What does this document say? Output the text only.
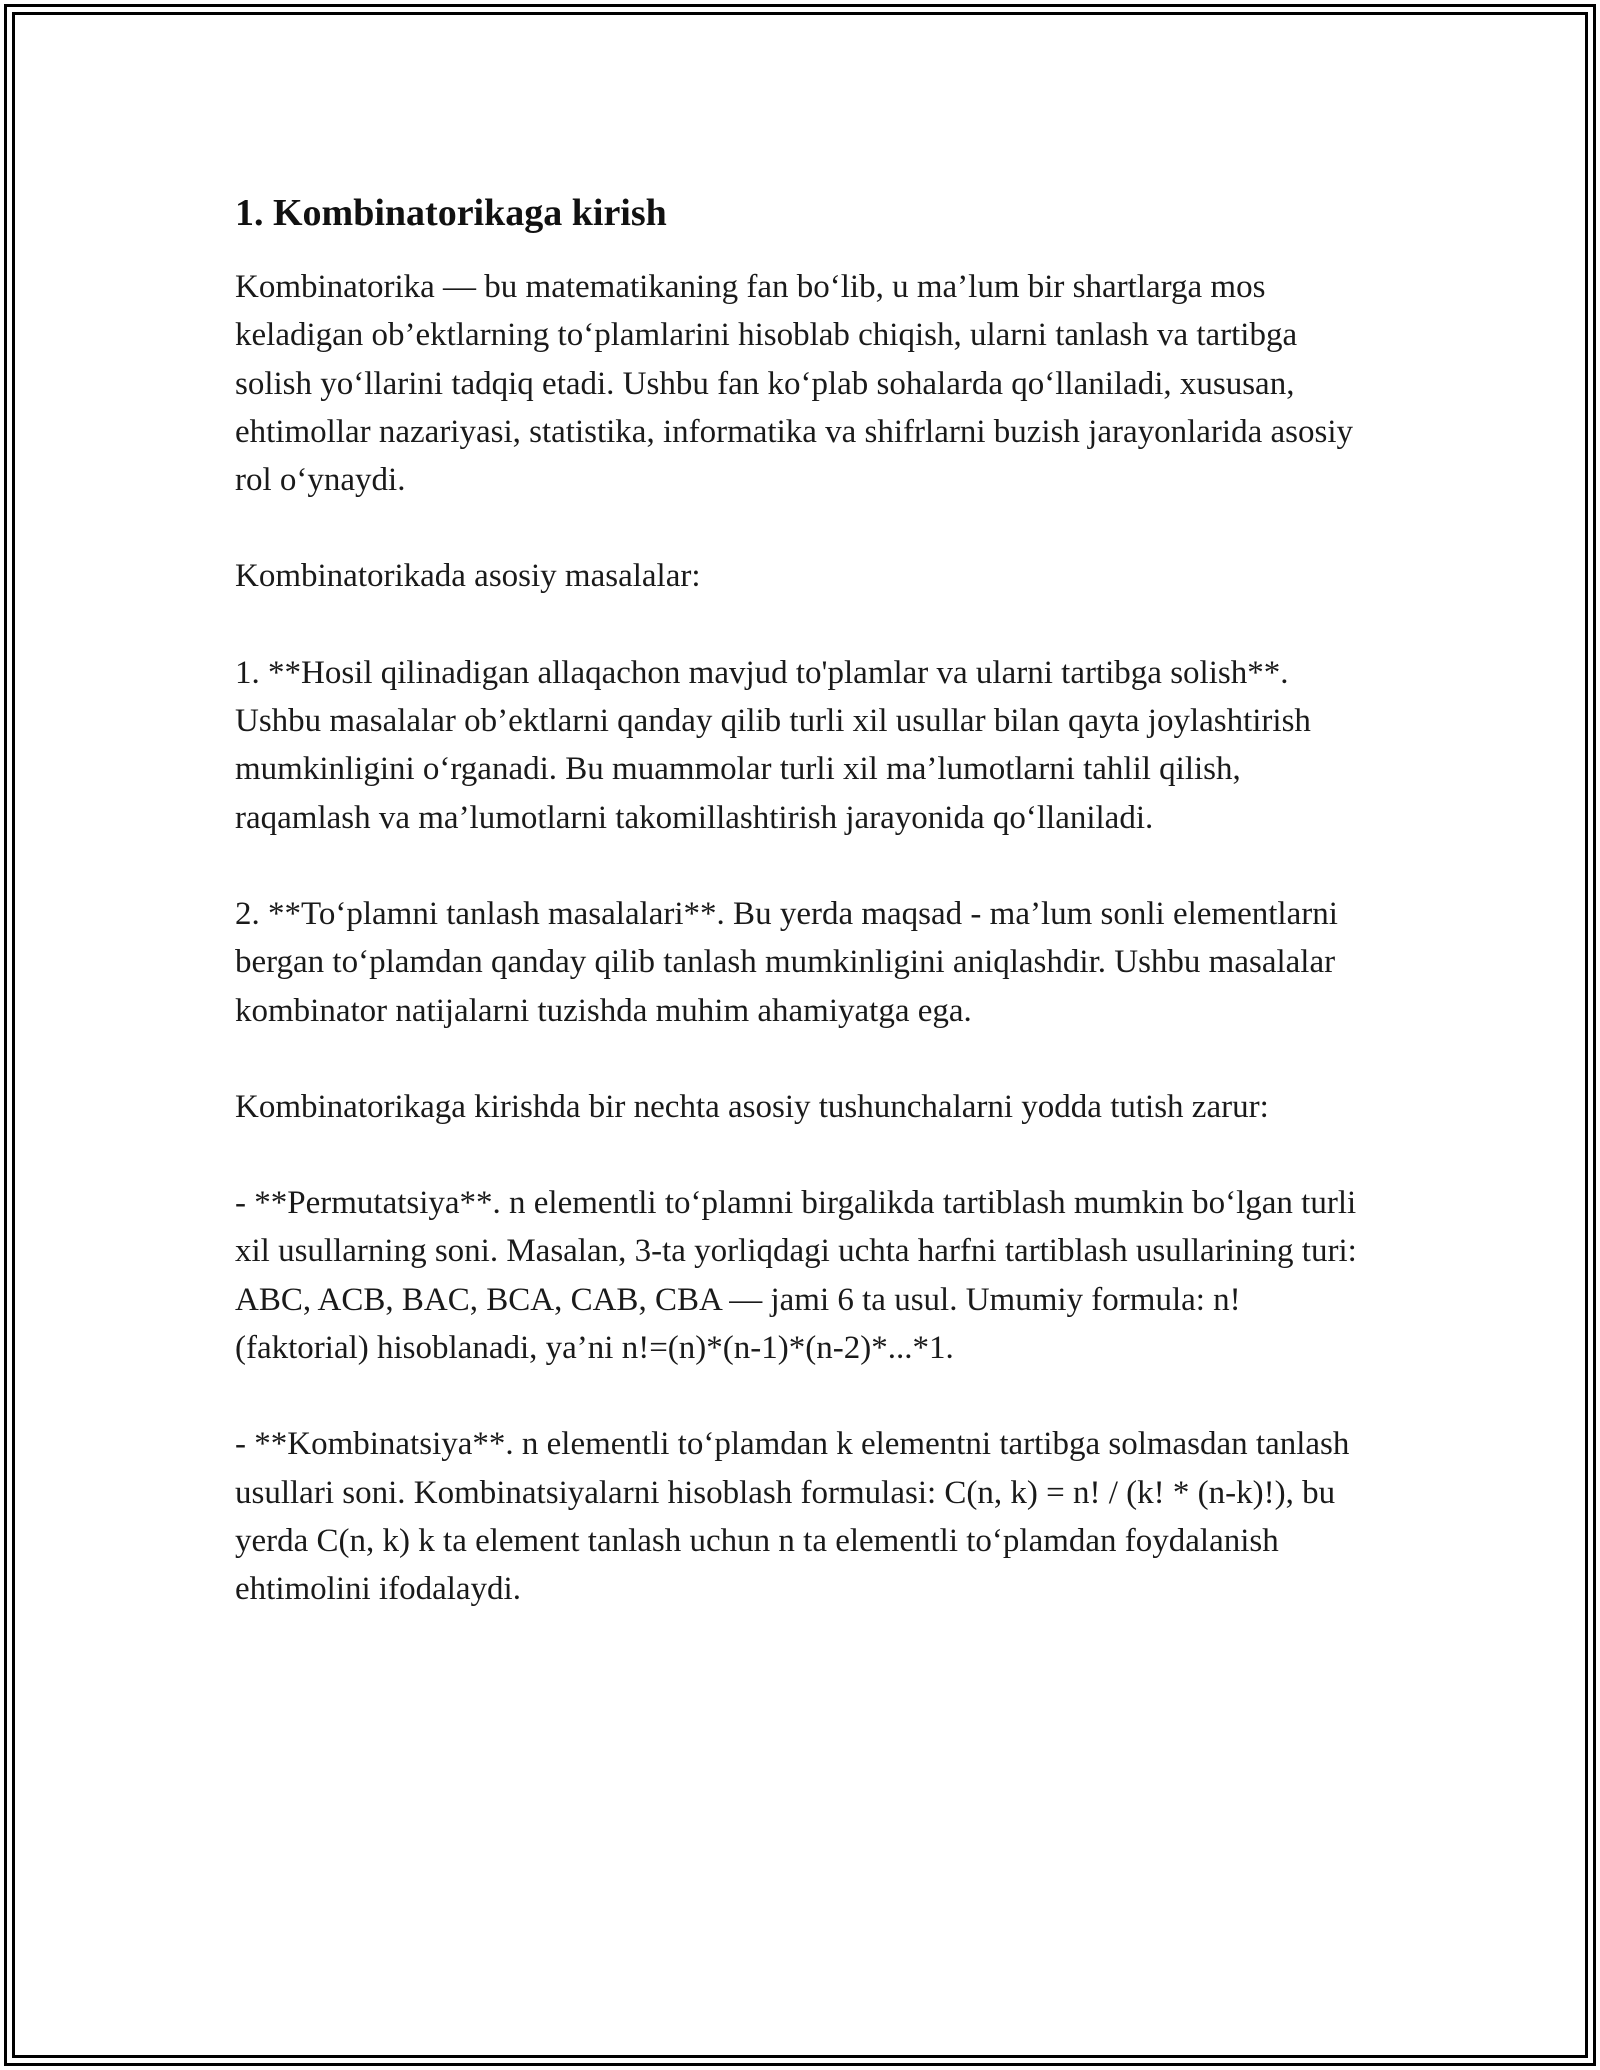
1. Kombinatorikaga kirish

Kombinatorika — bu matematikaning fan bo‘lib, u ma’lum bir shartlarga mos keladigan ob’ektlarning to‘plamlarini hisoblab chiqish, ularni tanlash va tartibga solish yo‘llarini tadqiq etadi. Ushbu fan ko‘plab sohalarda qo‘llaniladi, xususan, ehtimollar nazariyasi, statistika, informatika va shifrlarni buzish jarayonlarida asosiy rol o‘ynaydi.

Kombinatorikada asosiy masalalar:

1. **Hosil qilinadigan allaqachon mavjud to'plamlar va ularni tartibga solish**. Ushbu masalalar ob’ektlarni qanday qilib turli xil usullar bilan qayta joylashtirish mumkinligini o‘rganadi. Bu muammolar turli xil ma’lumotlarni tahlil qilish, raqamlash va ma’lumotlarni takomillashtirish jarayonida qo‘llaniladi.

2. **To‘plamni tanlash masalalari**. Bu yerda maqsad - ma’lum sonli elementlarni bergan to‘plamdan qanday qilib tanlash mumkinligini aniqlashdir. Ushbu masalalar kombinator natijalarni tuzishda muhim ahamiyatga ega.

Kombinatorikaga kirishda bir nechta asosiy tushunchalarni yodda tutish zarur:

- **Permutatsiya**. n elementli to‘plamni birgalikda tartiblash mumkin bo‘lgan turli xil usullarning soni. Masalan, 3-ta yorliqdagi uchta harfni tartiblash usullarining turi: ABC, ACB, BAC, BCA, CAB, CBA — jami 6 ta usul. Umumiy formula: n! (faktorial) hisoblanadi, ya’ni n!=(n)*(n-1)*(n-2)*...*1.

- **Kombinatsiya**. n elementli to‘plamdan k elementni tartibga solmasdan tanlash usullari soni. Kombinatsiyalarni hisoblash formulasi: C(n, k) = n! / (k! * (n-k)!), bu yerda C(n, k) k ta element tanlash uchun n ta elementli to‘plamdan foydalanish ehtimolini ifodalaydi.
